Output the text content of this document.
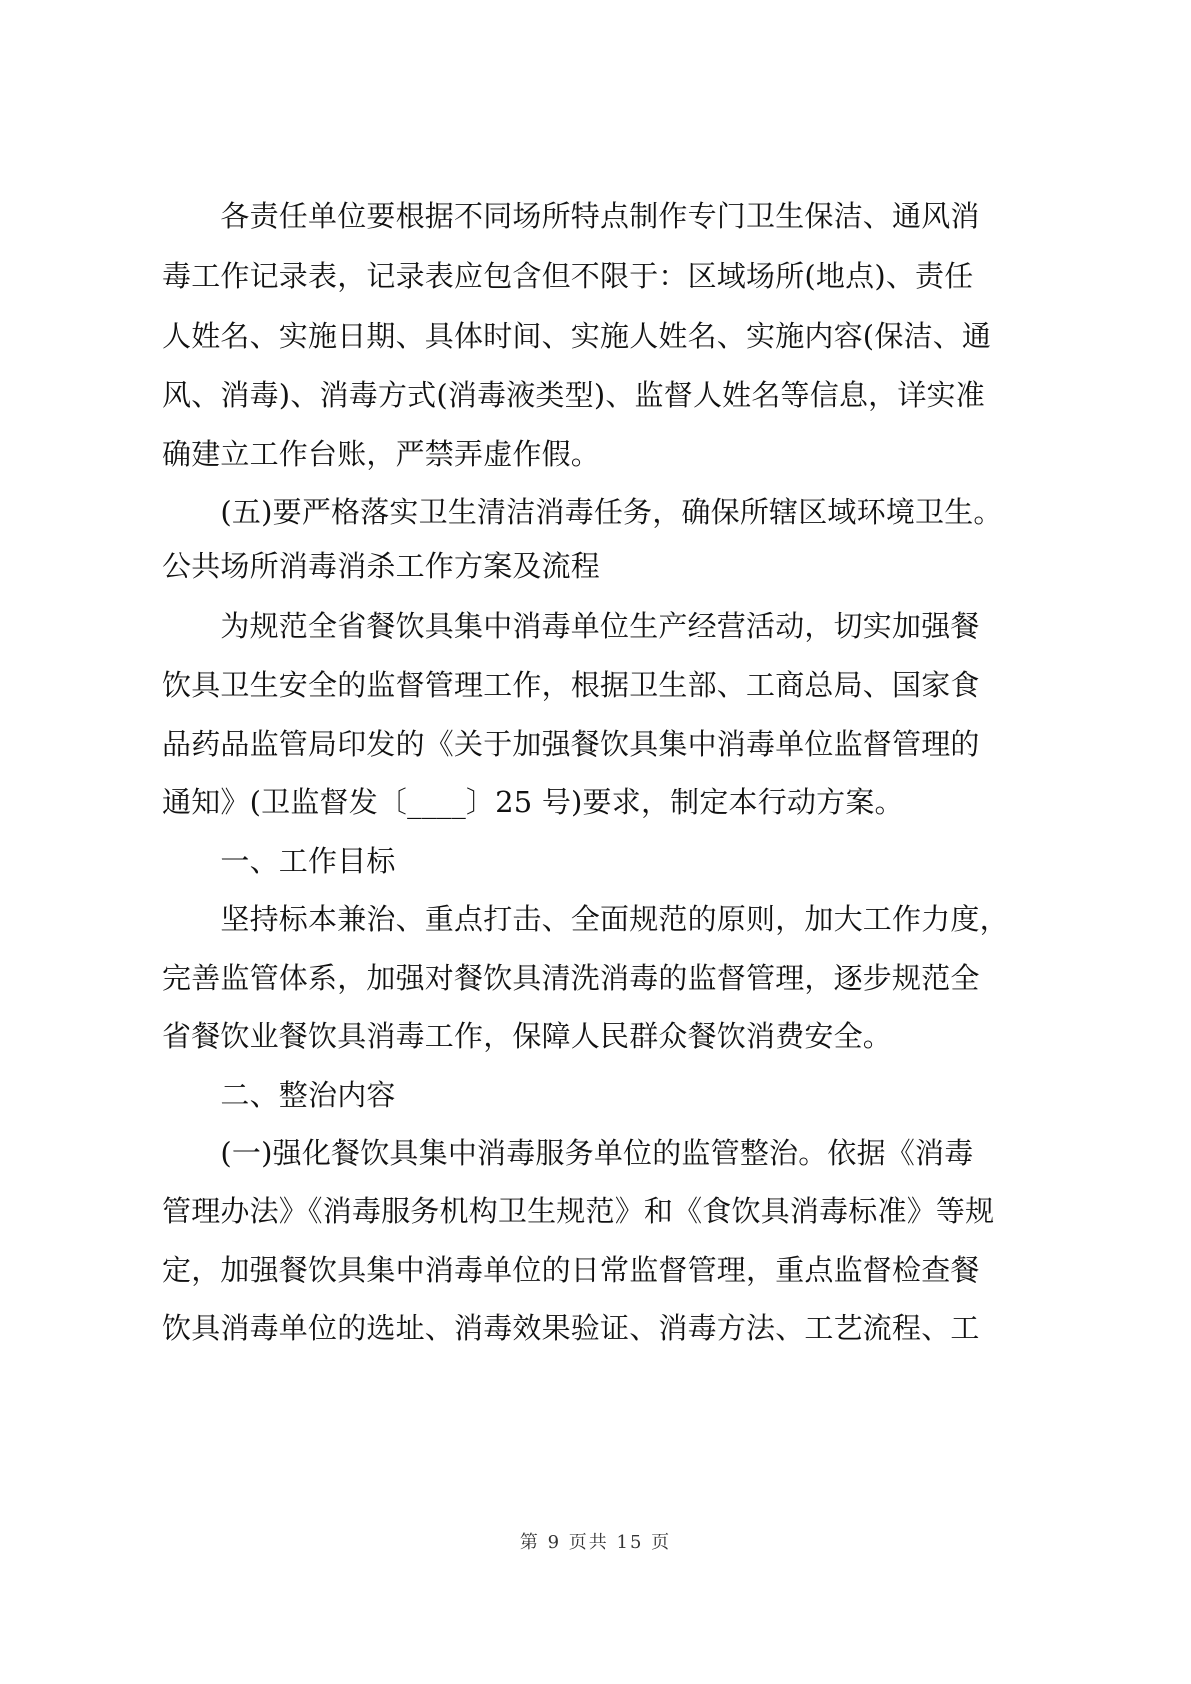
　　各责任单位要根据不同场所特点制作专门卫生保洁、通风消
毒工作记录表，记录表应包含但不限于：区域场所(地点)、责任
人姓名、实施日期、具体时间、实施人姓名、实施内容(保洁、通
风、消毒)、消毒方式(消毒液类型)、监督人姓名等信息，详实准
确建立工作台账，严禁弄虚作假。
　　(五)要严格落实卫生清洁消毒任务，确保所辖区域环境卫生。
公共场所消毒消杀工作方案及流程
　　为规范全省餐饮具集中消毒单位生产经营活动，切实加强餐
饮具卫生安全的监督管理工作，根据卫生部、工商总局、国家食
品药品监管局印发的《关于加强餐饮具集中消毒单位监督管理的
通知》(卫监督发〔____〕25 号)要求，制定本行动方案。
　　一、工作目标
　　坚持标本兼治、重点打击、全面规范的原则，加大工作力度，
完善监管体系，加强对餐饮具清洗消毒的监督管理，逐步规范全
省餐饮业餐饮具消毒工作，保障人民群众餐饮消费安全。
　　二、整治内容
　　(一)强化餐饮具集中消毒服务单位的监管整治。依据《消毒
管理办法》《消毒服务机构卫生规范》和《食饮具消毒标准》等规
定，加强餐饮具集中消毒单位的日常监督管理，重点监督检查餐
饮具消毒单位的选址、消毒效果验证、消毒方法、工艺流程、工
第 9 页共 15 页
